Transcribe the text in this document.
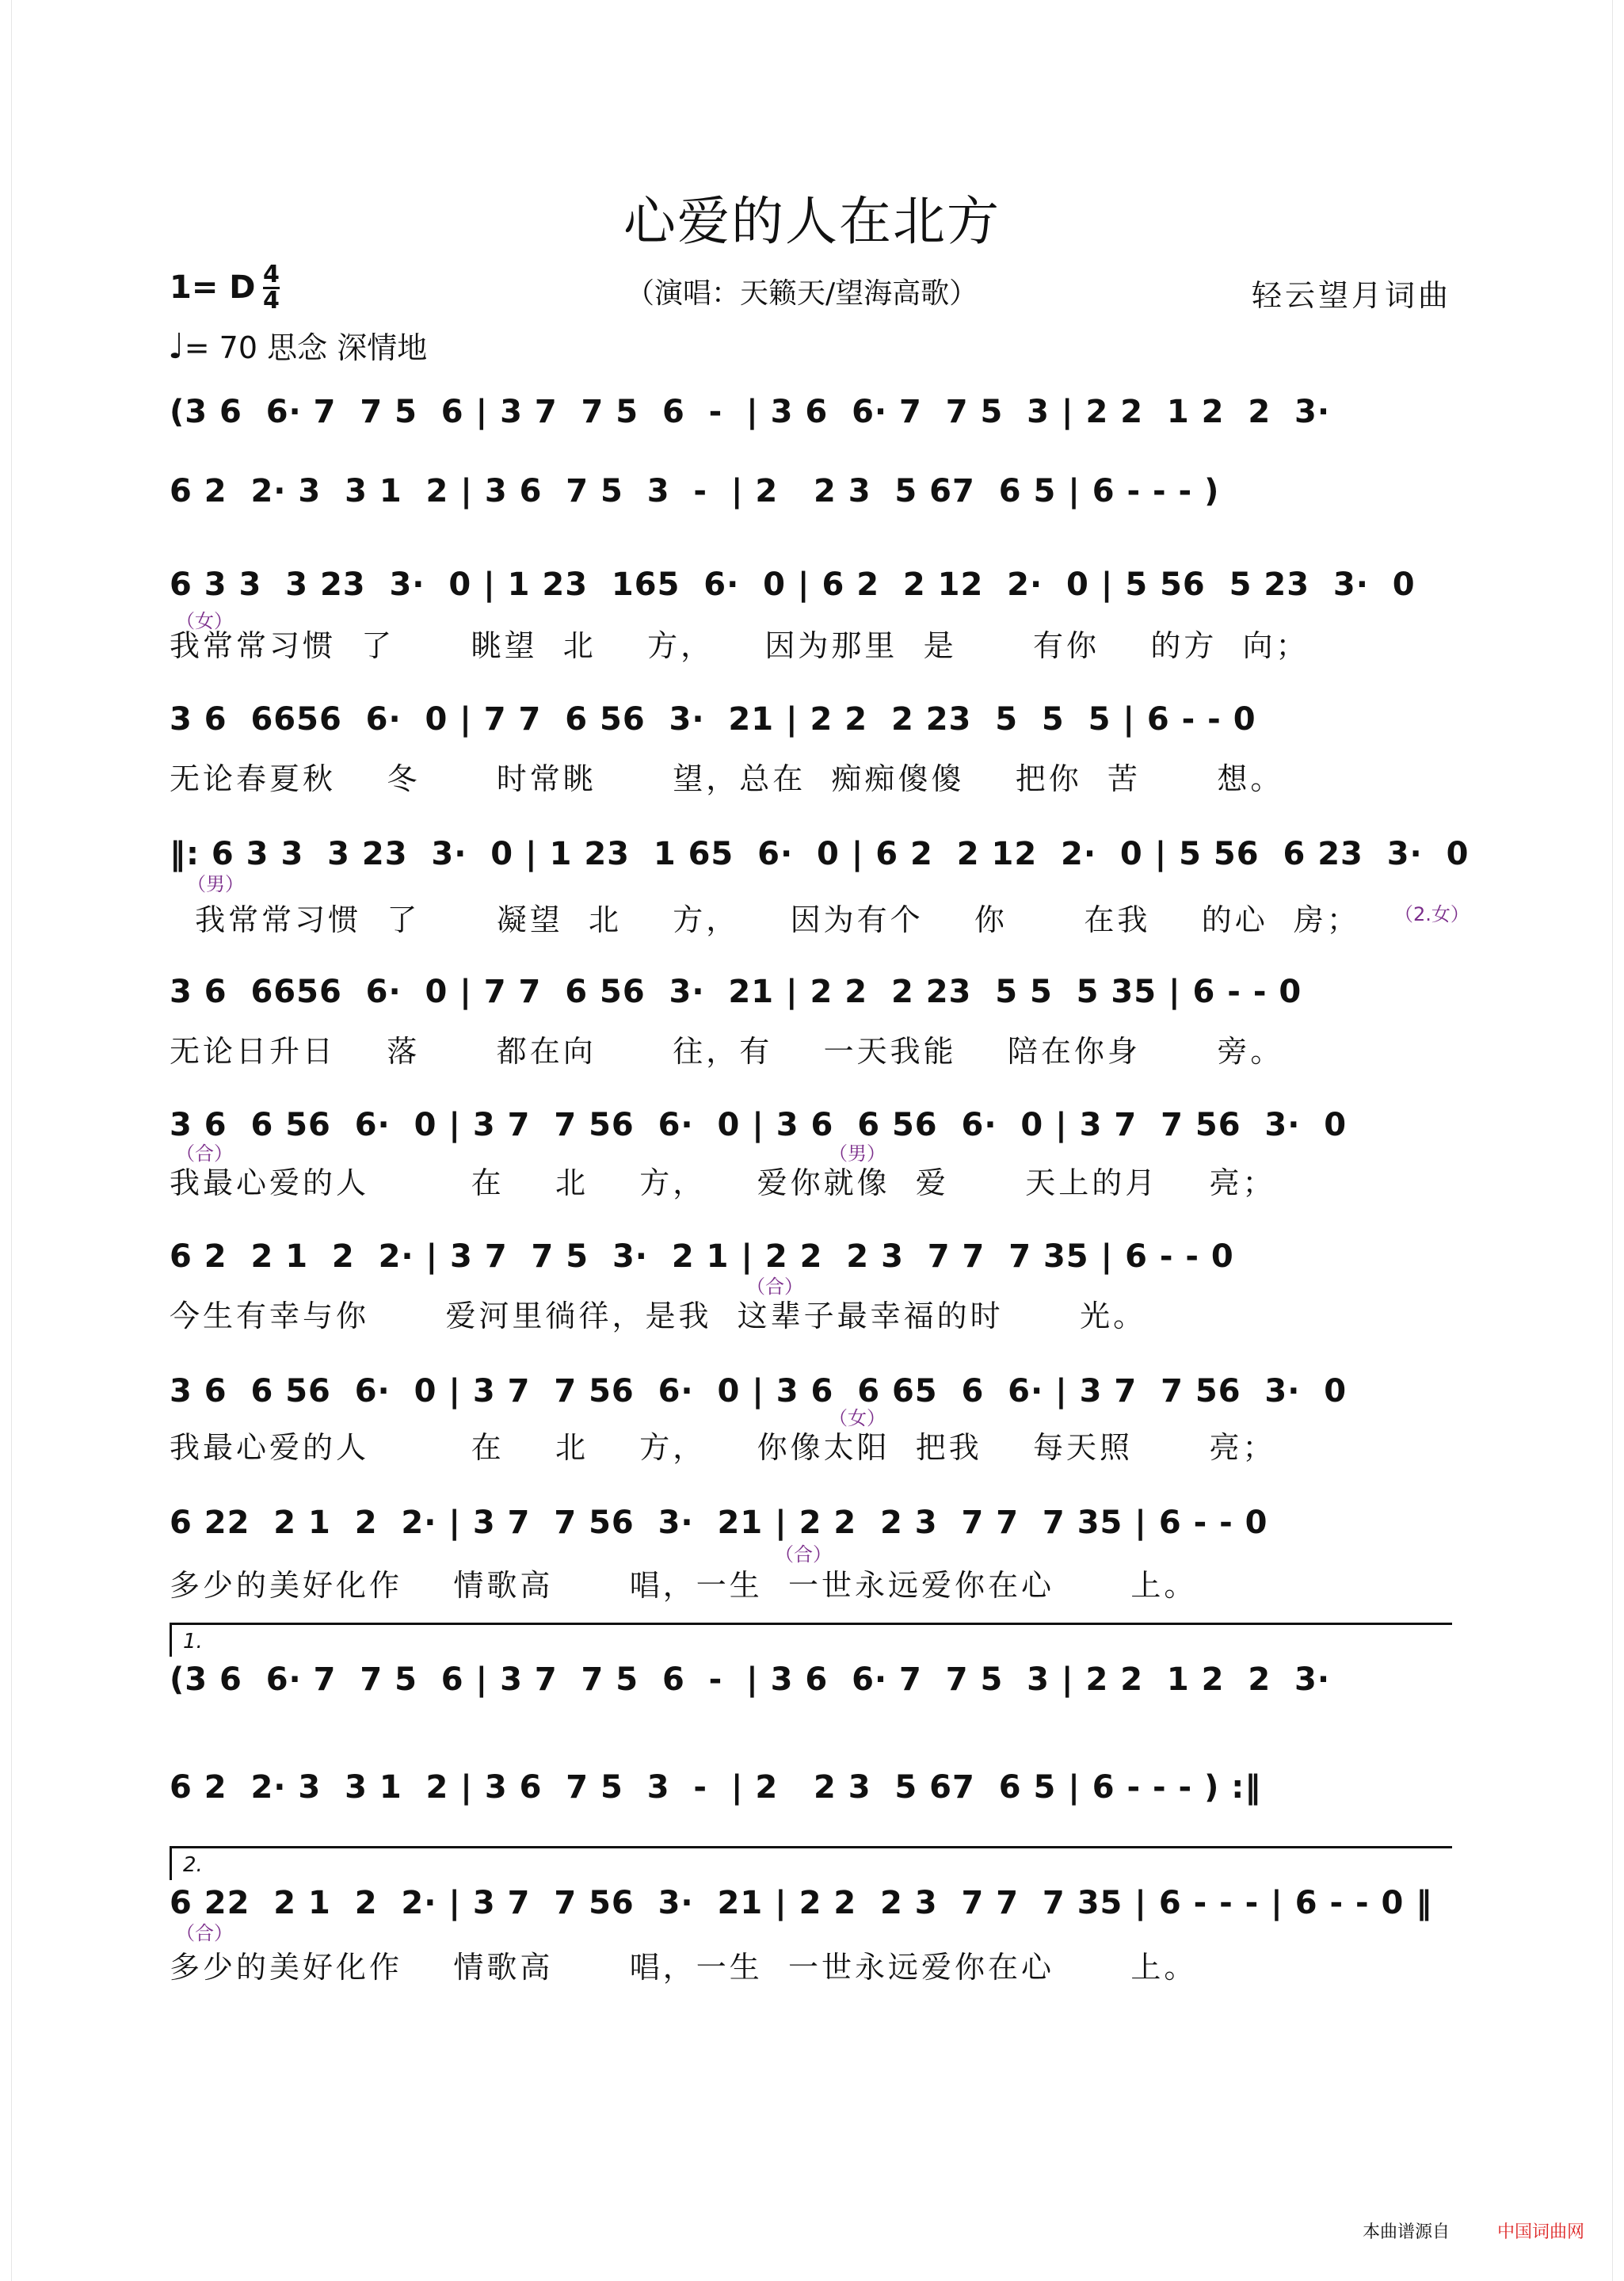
心爱的人在北方
1= D 4
4	（演唱：天籁天/望海高歌）	轻云望月词曲
♩= 70 思念 深情地
(3 6  6· 7  7 5  6 | 3 7  7 5  6  -  | 3 6  6· 7  7 5  3 | 2 2  1 2  2  3·
6 2  2· 3  3 1  2 | 3 6  7 5  3  -  | 2   2 3  5 67  6 5 | 6 - - - )
6 3 3  3 23  3·  0 | 1 23  165  6·  0 | 6 2  2 12  2·  0 | 5 56  5 23  3·  0
（女）
我常常习惯  了      眺望  北    方，    因为那里  是      有你    的方  向；
3 6  6656  6·  0 | 7 7  6 56  3·  21 | 2 2  2 23  5  5  5 | 6 - - 0
无论春夏秋    冬      时常眺      望，总在  痴痴傻傻    把你  苦      想。
‖: 6 3 3  3 23  3·  0 | 1 23  1 65  6·  0 | 6 2  2 12  2·  0 | 5 56  6 23  3·  0
（男）
（2.女）
我常常习惯  了      凝望  北    方，    因为有个    你      在我    的心  房；
3 6  6656  6·  0 | 7 7  6 56  3·  21 | 2 2  2 23  5 5  5 35 | 6 - - 0
无论日升日    落      都在向      往，有    一天我能    陪在你身      旁。
3 6  6 56  6·  0 | 3 7  7 56  6·  0 | 3 6  6 56  6·  0 | 3 7  7 56  3·  0
（合）	（男）
我最心爱的人        在    北    方，    爱你就像  爱      天上的月    亮；
6 2  2 1  2  2· | 3 7  7 5  3·  2 1 | 2 2  2 3  7 7  7 35 | 6 - - 0
（合）
今生有幸与你      爱河里徜徉，是我  这辈子最幸福的时      光。
3 6  6 56  6·  0 | 3 7  7 56  6·  0 | 3 6  6 65  6  6· | 3 7  7 56  3·  0
（女）
我最心爱的人        在    北    方，    你像太阳  把我    每天照      亮；
6 22  2 1  2  2· | 3 7  7 56  3·  21 | 2 2  2 3  7 7  7 35 | 6 - - 0
（合）
多少的美好化作    情歌高      唱，一生  一世永远爱你在心      上。
1.
(3 6  6· 7  7 5  6 | 3 7  7 5  6  -  | 3 6  6· 7  7 5  3 | 2 2  1 2  2  3·
6 2  2· 3  3 1  2 | 3 6  7 5  3  -  | 2   2 3  5 67  6 5 | 6 - - - ) :‖
2.
6 22  2 1  2  2· | 3 7  7 56  3·  21 | 2 2  2 3  7 7  7 35 | 6 - - - | 6 - - 0 ‖
（合）
多少的美好化作    情歌高      唱，一生  一世永远爱你在心      上。
本曲谱源自	中国词曲网
